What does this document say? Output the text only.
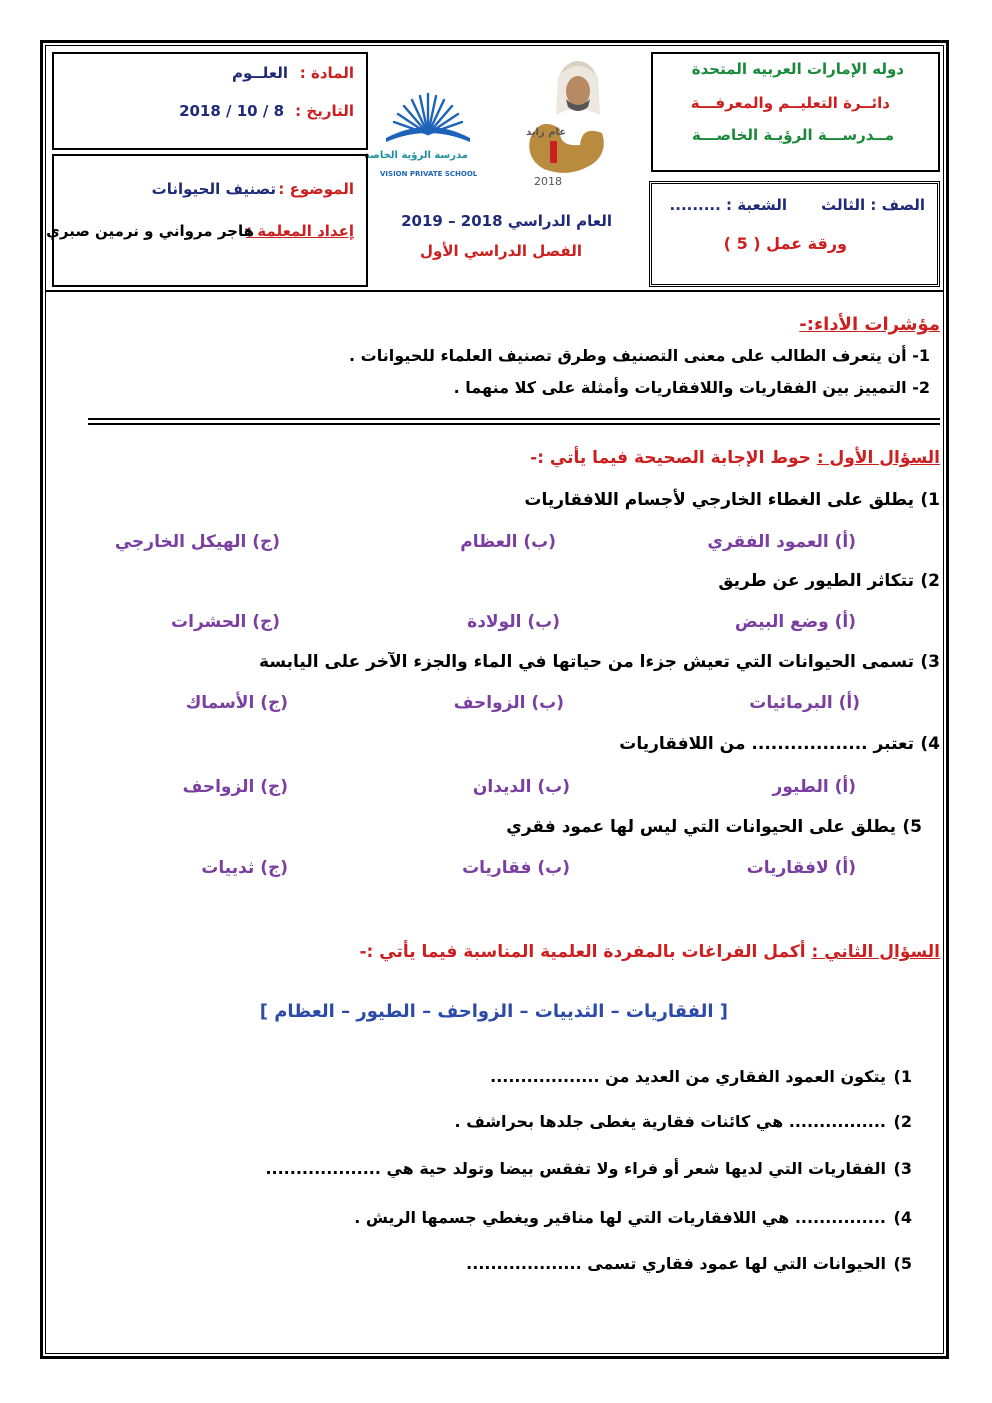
دوله الإمارات العربيه المتحدة
دائــرة التعليــم والمعرفـــة
مــدرســـة الرؤيـة الخاصـــة
الصف : الثالث
الشعبة : .........
ورقة عمل ( 5 )
مدرسة الرؤية الخاصة
VISION PRIVATE SCHOOL
عام زايد
2018
العام الدراسي 2018 – 2019
الفصل الدراسي الأول
المادة :
العلــوم
التاريخ :
8 / 10 / 2018
الموضوع :
تصنيف الحيوانات
إعداد المعلمة :
هاجر مرواني و نرمين صبري
مؤشرات الأداء:-
1- أن يتعرف الطالب على معنى التصنيف وطرق تصنيف العلماء للحيوانات .
2- التمييز بين الفقاريات واللافقاريات وأمثلة على كلا منهما .
السؤال الأول : حوط الإجابة الصحيحة فيما يأتي :-
يطلق على الغطاء الخارجي لأجسام اللافقاريات 1)
(أ) العمود الفقري
(ب) العظام
(ج) الهيكل الخارجي
تتكاثر الطيور عن طريق 2)
(أ) وضع البيض
(ب) الولادة
(ج) الحشرات
تسمى الحيوانات التي تعيش جزءا من حياتها في الماء والجزء الآخر على اليابسة 3)
(أ) البرمائيات
(ب) الزواحف
(ج) الأسماك
تعتبر .................. من اللافقاريات 4)
(أ) الطيور
(ب) الديدان
(ج) الزواحف
يطلق على الحيوانات التي ليس لها عمود فقري 5)
(أ) لافقاريات
(ب) فقاريات
(ج) ثدييات
السؤال الثاني : أكمل الفراغات بالمفردة العلمية المناسبة فيما يأتي :-
[ الفقاريات – الثدييات – الزواحف – الطيور – العظام ]
يتكون العمود الفقاري من العديد من .................. 1)
................ هي كائنات فقارية يغطى جلدها بحراشف . 2)
الفقاريات التي لديها شعر أو فراء ولا تفقس بيضا وتولد حية هي ................... 3)
............... هي اللافقاريات التي لها مناقير ويغطي جسمها الريش . 4)
الحيوانات التي لها عمود فقاري تسمى ................... 5)
